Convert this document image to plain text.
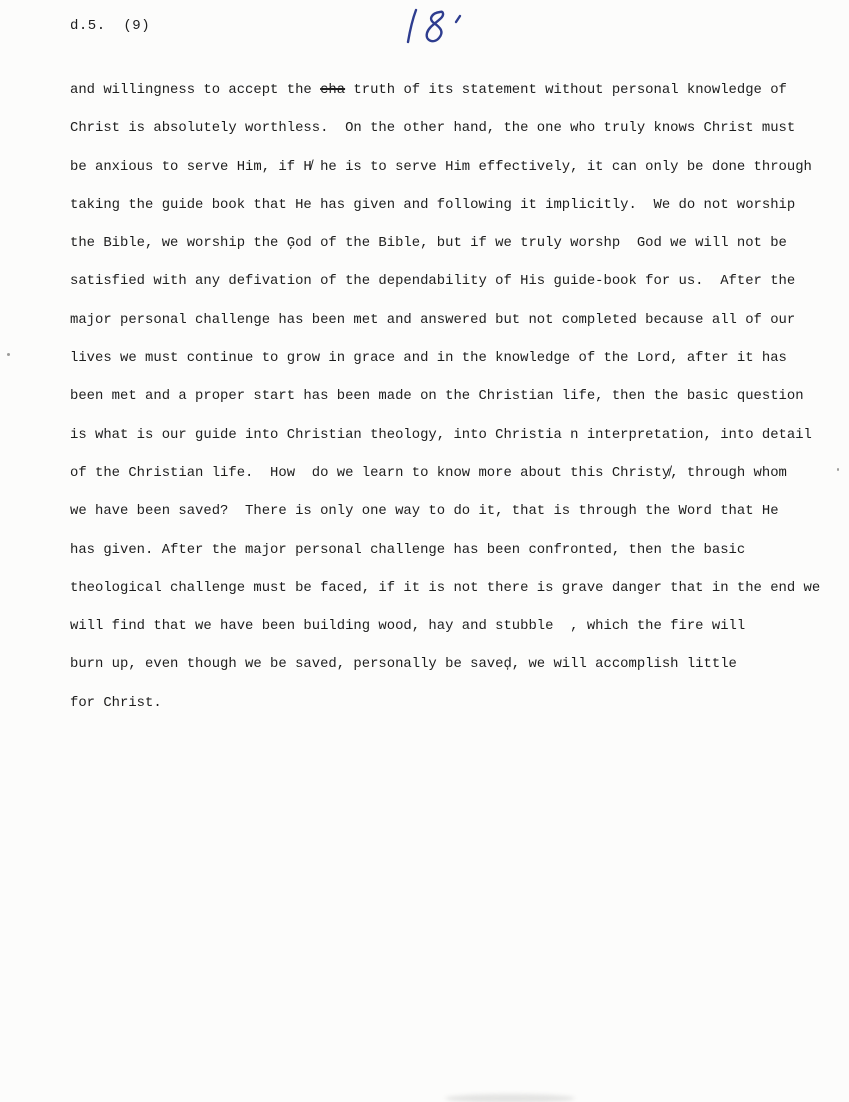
d.5.  (9)
and willingness to accept the cha truth of its statement without personal knowledge of
Christ is absolutely worthless.  On the other hand, the one who truly knows Christ must
be anxious to serve Him, if H̸ he is to serve Him effectively, it can only be done through
taking the guide book that He has given and following it implicitly.  We do not worship
the Bible, we worship the Ģod of the Bible, but if we truly worshp  God we will not be
satisfied with any defivation of the dependability of His guide-book for us.  After the
major personal challenge has been met and answered but not completed because all of our
lives we must continue to grow in grace and in the knowledge of the Lord, after it has
been met and a proper start has been made on the Christian life, then the basic question
is what is our guide into Christian theology, into Christia n interpretation, into detail
of the Christian life.  How  do we learn to know more about this Christy̸, through whom
we have been saved?  There is only one way to do it, that is through the Word that He
has given. After the major personal challenge has been confronted, then the basic
theological challenge must be faced, if it is not there is grave danger that in the end we
will find that we have been building wood, hay and stubble  , which the fire will
burn up, even though we be saved, personally be saveḑ, we will accomplish little
for Christ.
